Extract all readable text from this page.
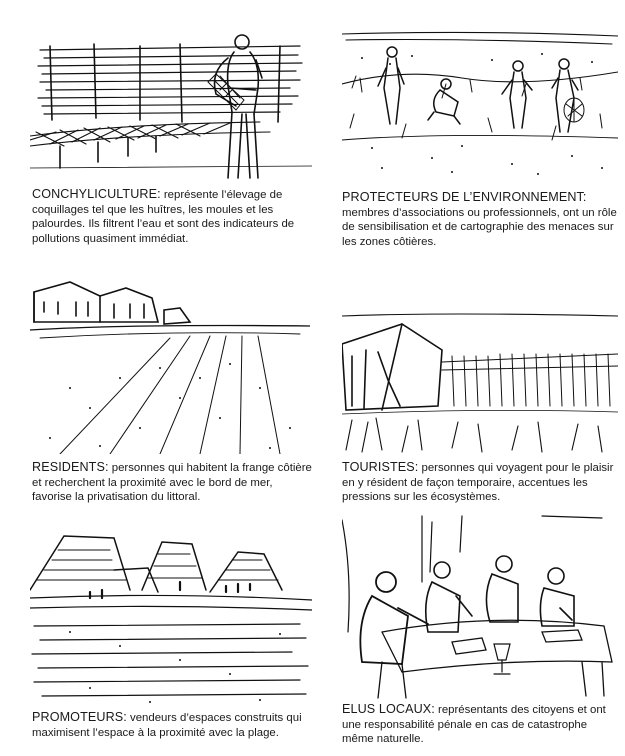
CONCHYLICULTURE: représente l’élevage de coquillages tel que les huîtres, les moules et les palourdes. Ils filtrent l’eau et sont des indicateurs de pollutions quasiment immédiat.
PROTECTEURS DE L’ENVIRONNEMENT: membres d’associations ou professionnels, ont un rôle de sensibilisation et de cartographie des menaces sur les zones côtières.
RESIDENTS: personnes qui habitent la frange côtière et recherchent la proximité avec le bord de mer, favorise la privatisation du littoral.
TOURISTES: personnes qui voyagent pour le plaisir en y résident de façon temporaire, accentues les pressions sur les écosystèmes.
PROMOTEURS: vendeurs d’espaces construits qui maximisent l’espace à la proximité avec la plage.
ELUS LOCAUX: représentants des citoyens et ont une responsabilité pénale en cas de catastrophe même naturelle.
